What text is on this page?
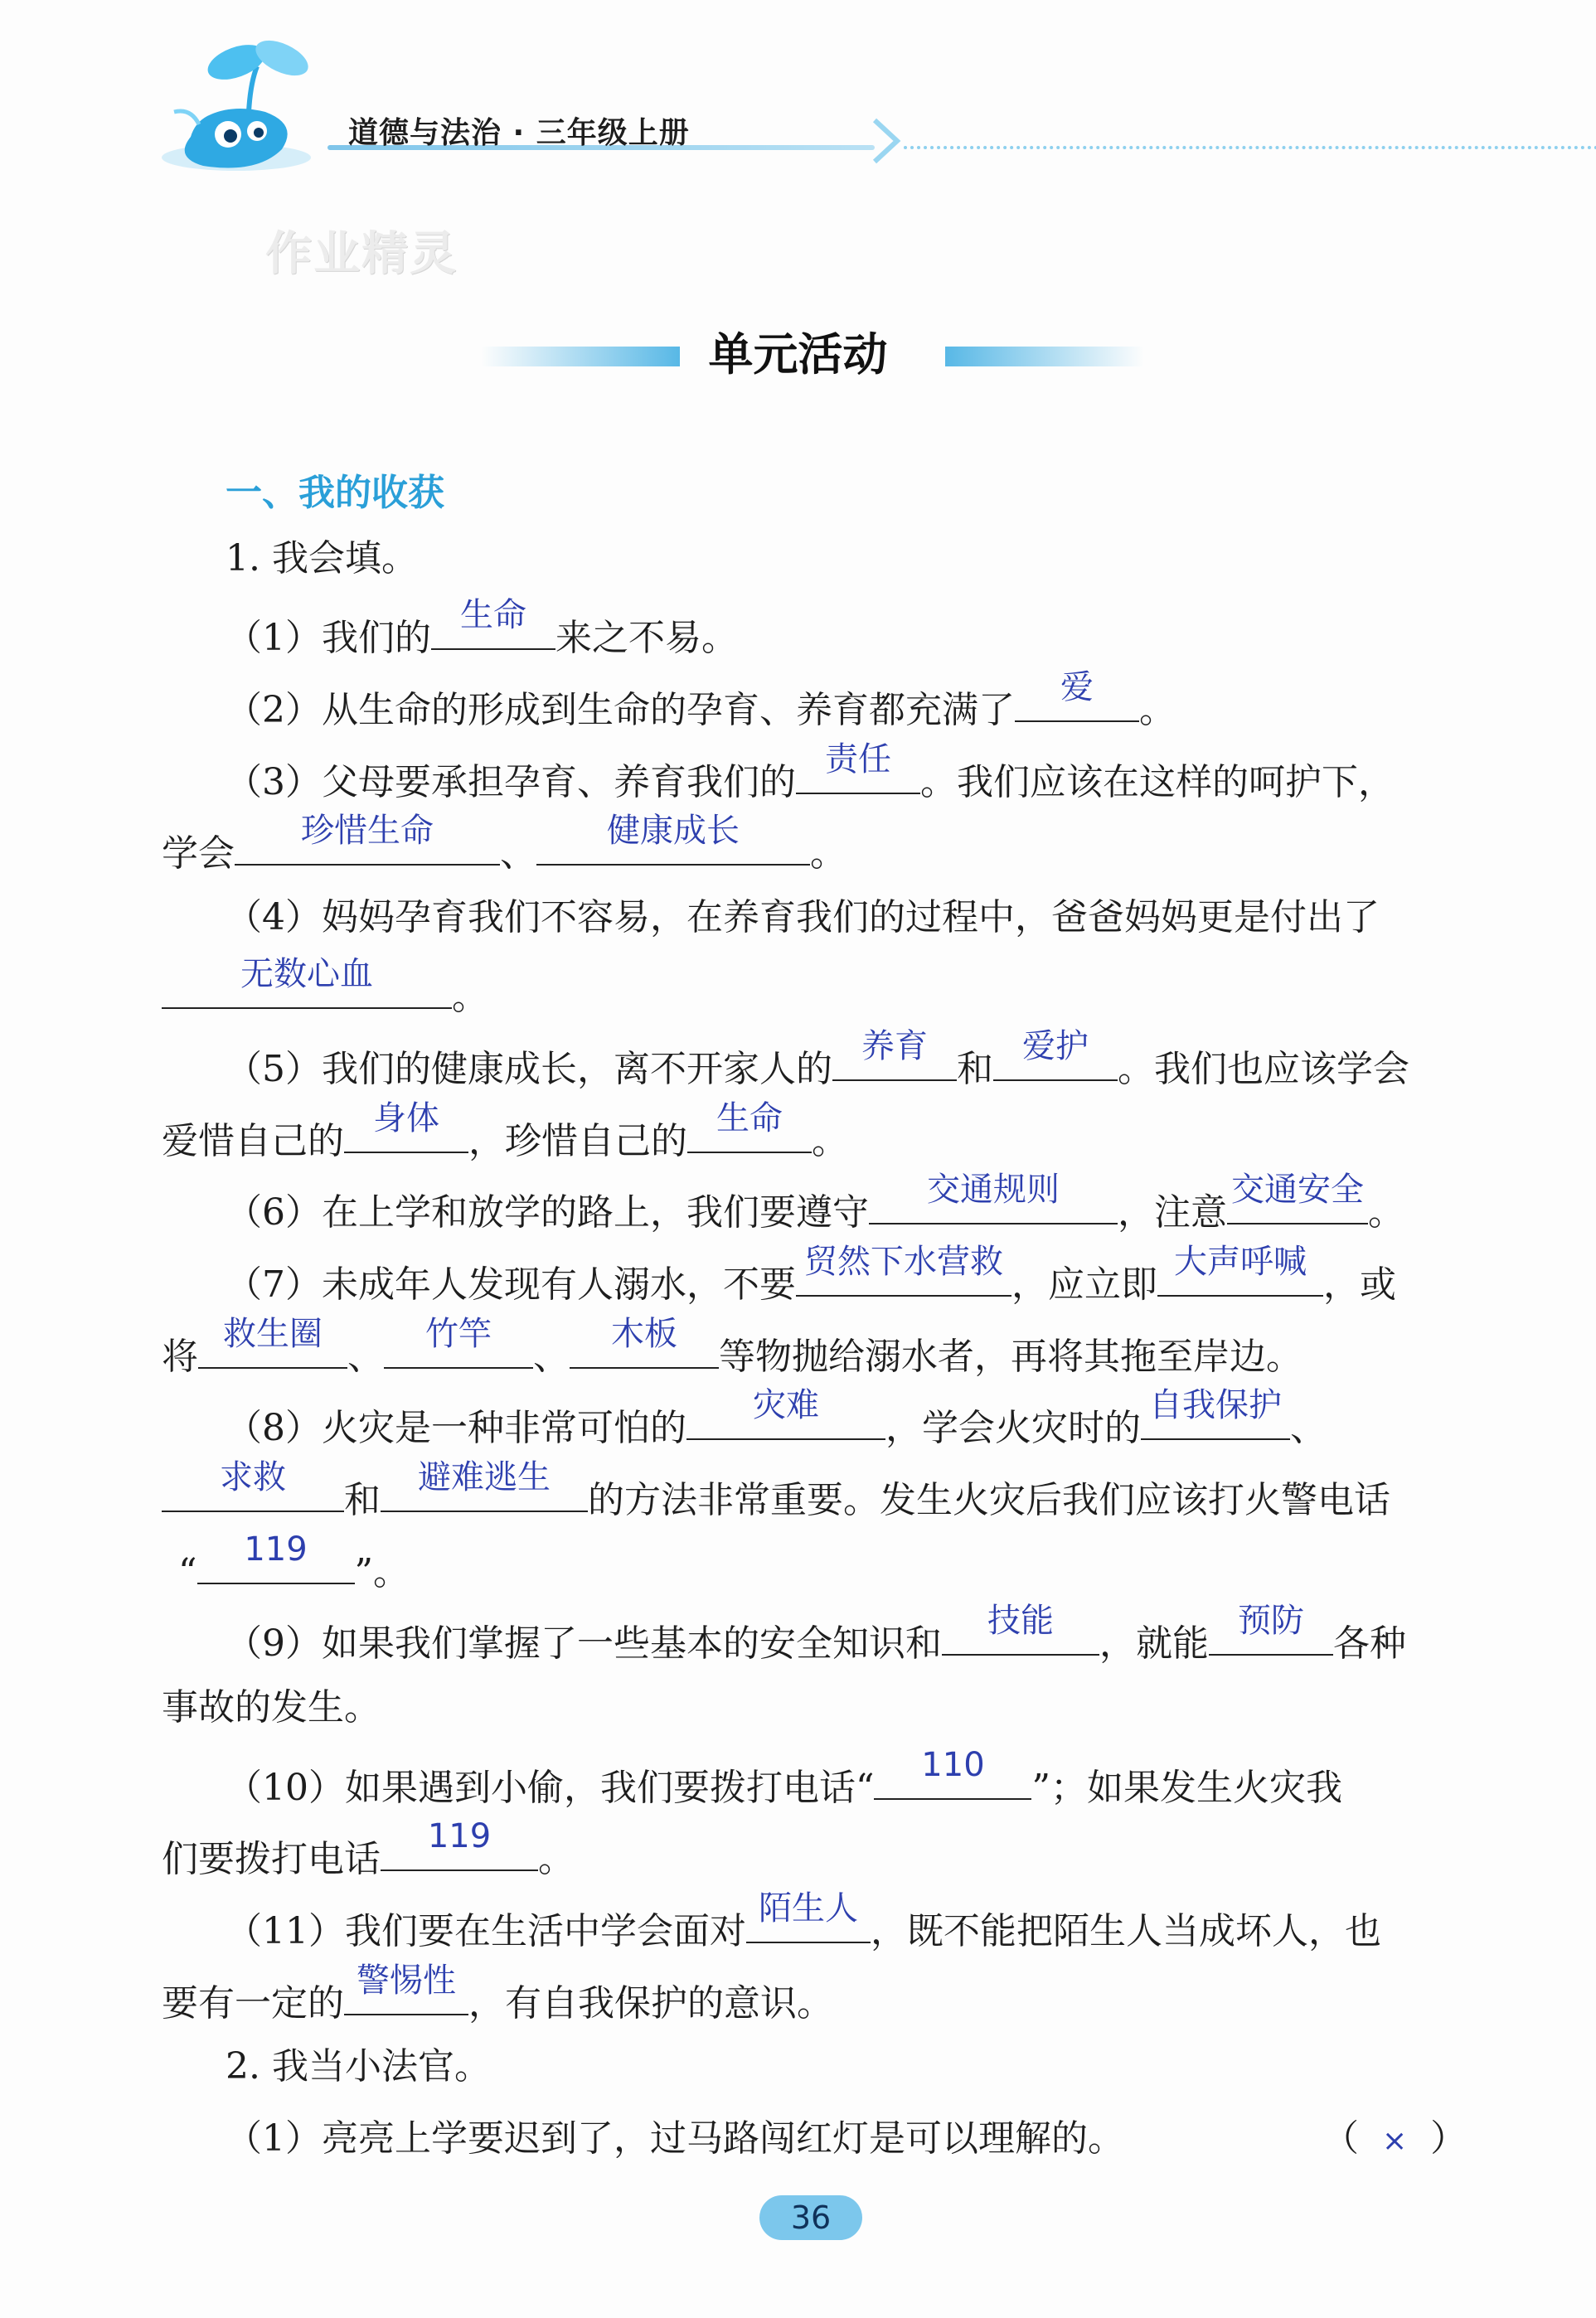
道德与法治 · 三年级上册
作业精灵
单元活动
一、我的收获
1. 我会填。
（1）我们的
生命
来之不易。
（2）从生命的形成到生命的孕育、养育都充满了
爱
。
（3）父母要承担孕育、养育我们的
责任
。我们应该在这样的呵护下，
学会
珍惜生命
、
健康成长
。
（4）妈妈孕育我们不容易，在养育我们的过程中，爸爸妈妈更是付出了
无数心血
。
（5）我们的健康成长，离不开家人的
养育
和
爱护
。我们也应该学会
爱惜自己的
身体
，珍惜自己的
生命
。
（6）在上学和放学的路上，我们要遵守
交通规则
，注意
交通安全
。
（7）未成年人发现有人溺水，不要
贸然下水营救
，应立即
大声呼喊
，或
将
救生圈
、
竹竿
、
木板
等物抛给溺水者，再将其拖至岸边。
（8）火灾是一种非常可怕的
灾难
，学会火灾时的
自我保护
、
求救
和
避难逃生
的方法非常重要。发生火灾后我们应该打火警电话
“
119
”。
（9）如果我们掌握了一些基本的安全知识和
技能
，就能
预防
各种
事故的发生。
（10）如果遇到小偷，我们要拨打电话“
110
”；如果发生火灾我
们要拨打电话
119
。
（11）我们要在生活中学会面对
陌生人
，既不能把陌生人当成坏人，也
要有一定的
警惕性
，有自我保护的意识。
2. 我当小法官。
（1）亮亮上学要迟到了，过马路闯红灯是可以理解的。	（ × ）
36
